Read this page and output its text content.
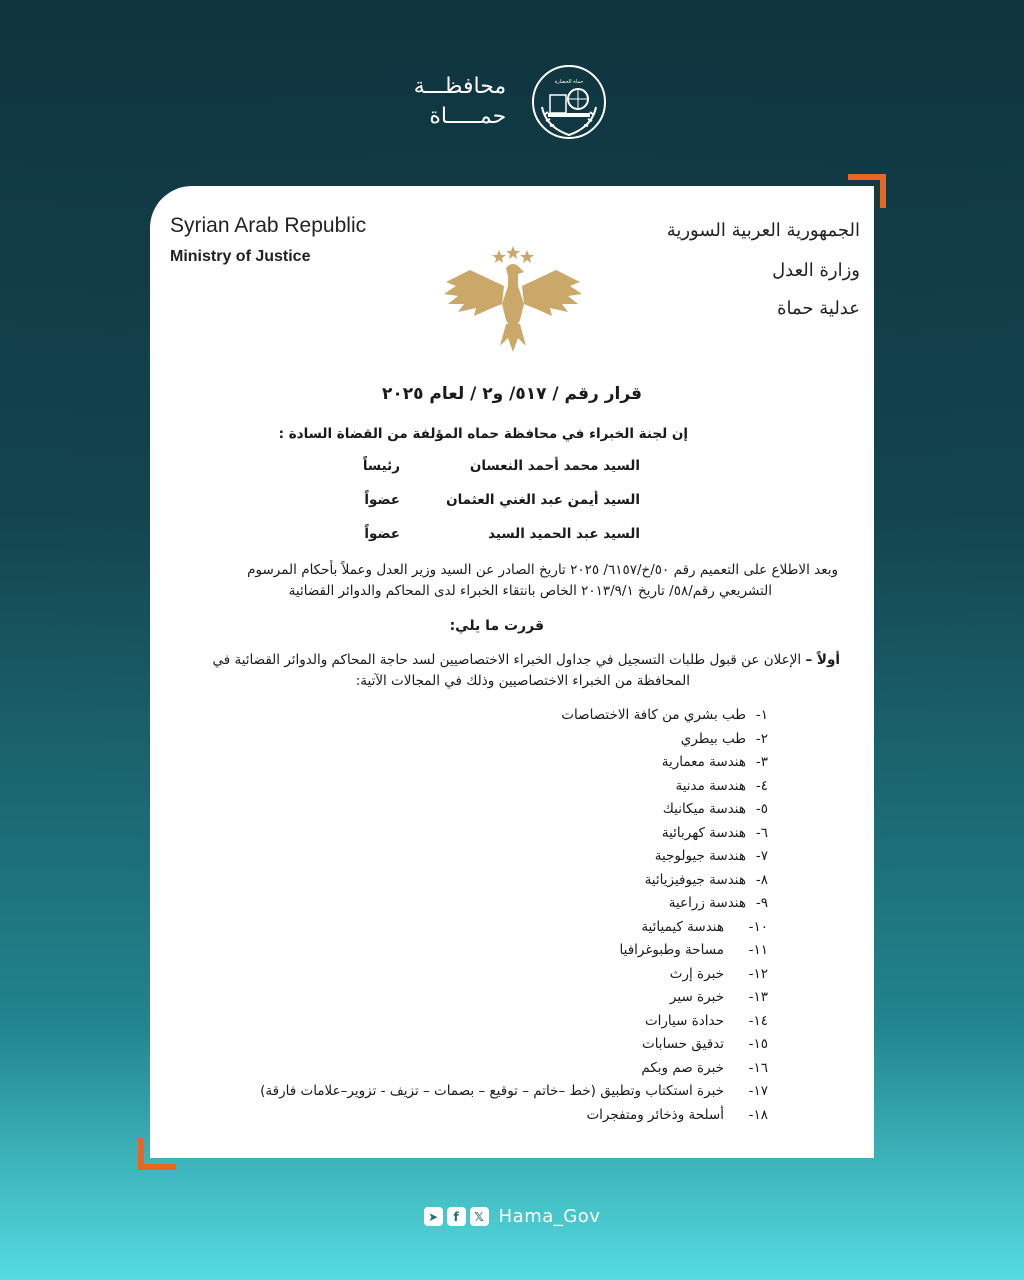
محافظـــة
حمـــــاة
حماة الحضارة
Syrian Arab Republic
Ministry of Justice
الجمهورية العربية السورية
وزارة العدل
عدلية حماة
قرار رقم / ٥١٧/ و٢ / لعام ٢٠٢٥
إن لجنة الخبراء في محافظة حماه المؤلفة من القضاة السادة :
السيد محمد أحمد النعسان
رئيساً
السيد أيمن عبد الغني العثمان
عضواً
السيد عبد الحميد السيد
عضواً
وبعد الاطلاع على التعميم رقم ٥٠/خ/٦١٥٧/ ٢٠٢٥ تاريخ الصادر عن السيد وزير العدل وعملاً بأحكام المرسوم
التشريعي رقم/٥٨/ تاريخ ٢٠١٣/٩/١ الخاص بانتقاء الخبراء لدى المحاكم والدوائر القضائية
قررت ما يلي:
أولاً – الإعلان عن قبول طلبات التسجيل في جداول الخبراء الاختصاصيين لسد حاجة المحاكم والدوائر القضائية في
المحافظة من الخبراء الاختصاصيين وذلك في المجالات الآتية:
١-
طب بشري من كافة الاختصاصات
٢-
طب بيطري
٣-
هندسة معمارية
٤-
هندسة مدنية
٥-
هندسة ميكانيك
٦-
هندسة كهربائية
٧-
هندسة جيولوجية
٨-
هندسة جيوفيزيائية
٩-
هندسة زراعية
١٠-
هندسة كيميائية
١١-
مساحة وطبوغرافيا
١٢-
خبرة إرث
١٣-
خبرة سير
١٤-
حدادة سيارات
١٥-
تدقيق حسابات
١٦-
خبرة صم وبكم
١٧-
خبرة استكتاب وتطبيق (خط –خاتم – توقيع – بصمات – تزيف - تزوير–علامات فارقة)
١٨-
أسلحة وذخائر ومتفجرات
➤	f	𝕏 Hama_Gov
